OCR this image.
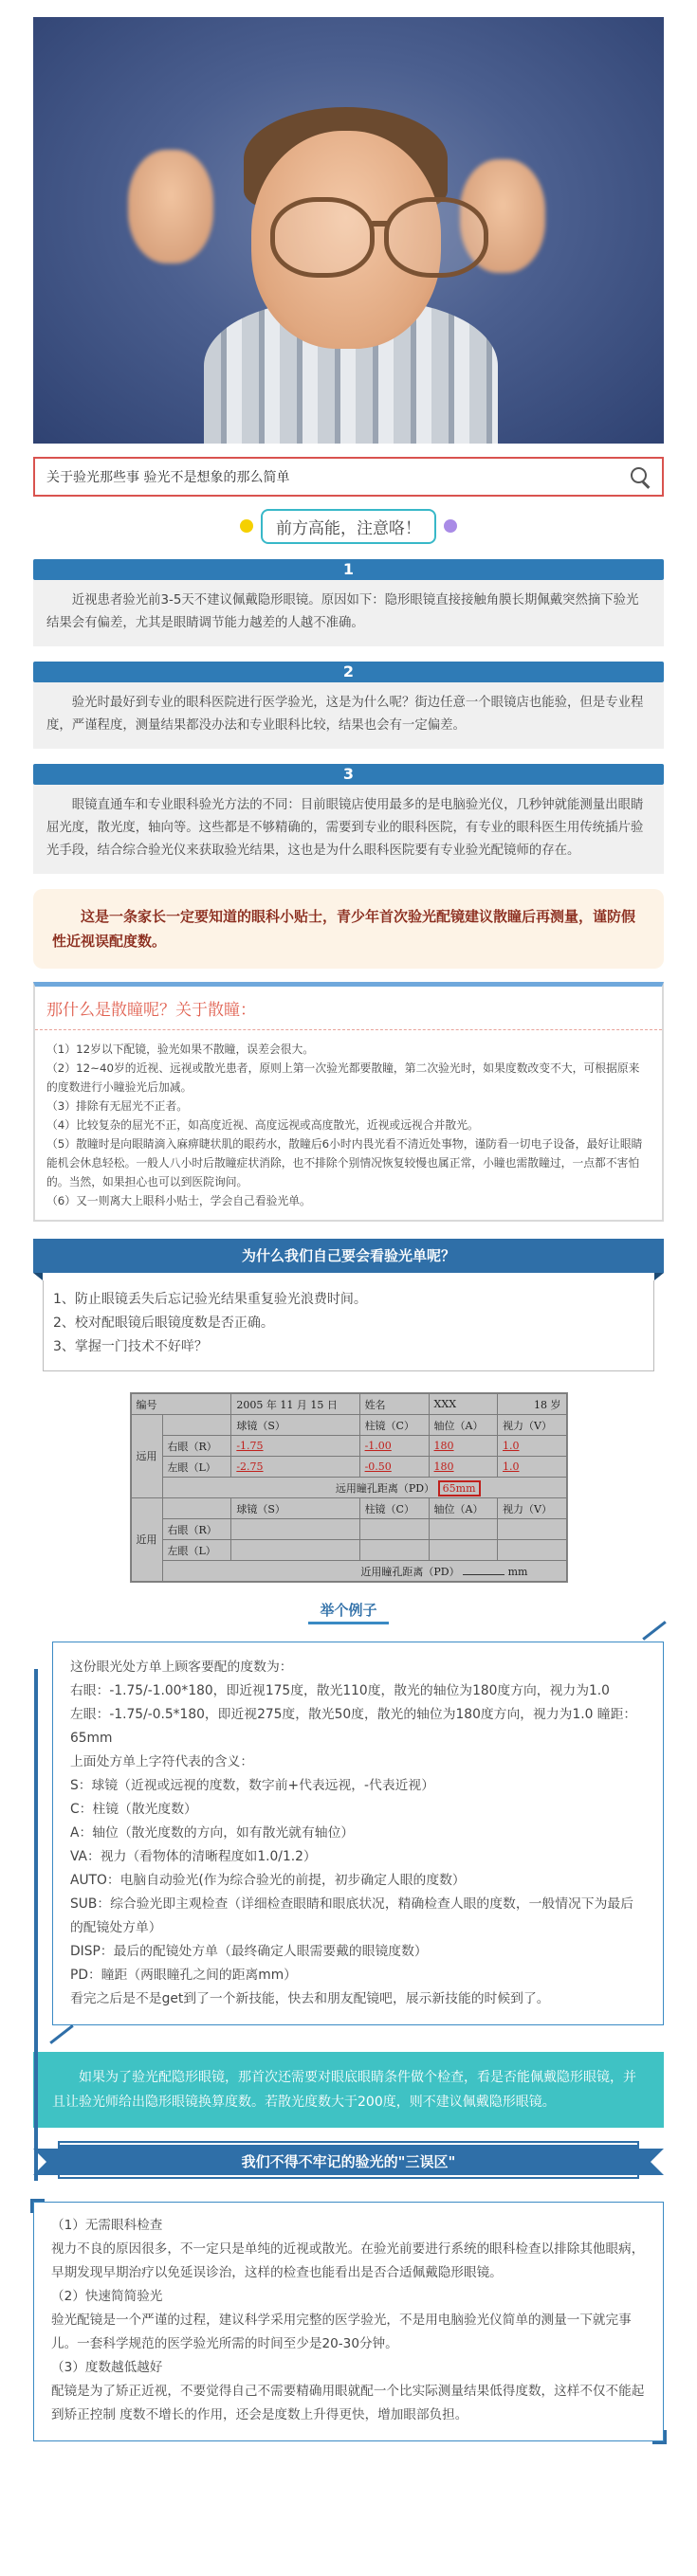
关于验光那些事 验光不是想象的那么简单
前方高能，注意咯！
1
近视患者验光前3-5天不建议佩戴隐形眼镜。原因如下：隐形眼镜直接接触角膜长期佩戴突然摘下验光结果会有偏差，尤其是眼睛调节能力越差的人越不准确。
2
验光时最好到专业的眼科医院进行医学验光，这是为什么呢？街边任意一个眼镜店也能验，但是专业程度，严谨程度，测量结果都没办法和专业眼科比较，结果也会有一定偏差。
3
眼镜直通车和专业眼科验光方法的不同：目前眼镜店使用最多的是电脑验光仪，几秒钟就能测量出眼睛屈光度，散光度，轴向等。这些都是不够精确的，需要到专业的眼科医院，有专业的眼科医生用传统插片验光手段，结合综合验光仪来获取验光结果，这也是为什么眼科医院要有专业验光配镜师的存在。
这是一条家长一定要知道的眼科小贴士，青少年首次验光配镜建议散瞳后再测量，谨防假性近视误配度数。
那什么是散瞳呢？关于散瞳：

（1）12岁以下配镜，验光如果不散瞳，误差会很大。

（2）12~40岁的近视、远视或散光患者，原则上第一次验光都要散瞳，第二次验光时，如果度数改变不大，可根据原来的度数进行小瞳验光后加减。

（3）排除有无屈光不正者。

（4）比较复杂的屈光不正，如高度近视、高度远视或高度散光，近视或远视合并散光。

（5）散瞳时是向眼睛滴入麻痹睫状肌的眼药水，散瞳后6小时内畏光看不清近处事物，谨防看一切电子设备，最好让眼睛能机会休息轻松。一般人八小时后散瞳症状消除，也不排除个别情况恢复较慢也属正常，小瞳也需散瞳过，一点都不害怕的。当然，如果担心也可以到医院询问。

（6）又一则离大上眼科小贴士，学会自己看验光单。

为什么我们自己要会看验光单呢？

1、防止眼镜丢失后忘记验光结果重复验光浪费时间。

2、校对配眼镜后眼镜度数是否正确。

3、掌握一门技术不好咩？

编号		2005 年 11 月 15 日	姓名	XXX	18 岁
远用		球镜（S）	柱镜（C）	轴位（A）	视力（V）
	右眼（R）	-1.75	-1.00	180	1.0
	左眼（L）	-2.75	-0.50	180	1.0
	远用瞳孔距离（PD） 65mm				
近用		球镜（S）	柱镜（C）	轴位（A）	视力（V）
	右眼（R）				
	左眼（L）				
	近用瞳孔距离（PD） mm				
举个例子

这份眼光处方单上顾客要配的度数为：

右眼：-1.75/-1.00*180，即近视175度，散光110度，散光的轴位为180度方向，视力为1.0

左眼：-1.75/-0.5*180，即近视275度，散光50度，散光的轴位为180度方向，视力为1.0 瞳距：65mm

上面处方单上字符代表的含义：

S：球镜（近视或远视的度数，数字前+代表远视，-代表近视）

C：柱镜（散光度数）

A：轴位（散光度数的方向，如有散光就有轴位）

VA：视力（看物体的清晰程度如1.0/1.2）

AUTO：电脑自动验光(作为综合验光的前提，初步确定人眼的度数）

SUB：综合验光即主观检查（详细检查眼睛和眼底状况，精确检查人眼的度数，一般情况下为最后的配镜处方单）

DISP：最后的配镜处方单（最终确定人眼需要戴的眼镜度数）

PD：瞳距（两眼瞳孔之间的距离mm）

看完之后是不是get到了一个新技能，快去和朋友配镜吧，展示新技能的时候到了。

如果为了验光配隐形眼镜，那首次还需要对眼底眼睛条件做个检查，看是否能佩戴隐形眼镜，并且让验光师给出隐形眼镜换算度数。若散光度数大于200度，则不建议佩戴隐形眼镜。
我们不得不牢记的验光的"三误区"

（1）无需眼科检查

视力不良的原因很多，不一定只是单纯的近视或散光。在验光前要进行系统的眼科检查以排除其他眼病，早期发现早期治疗以免延误诊治，这样的检查也能看出是否合适佩戴隐形眼镜。

（2）快速简简验光

验光配镜是一个严谨的过程，建议科学采用完整的医学验光，不是用电脑验光仪简单的测量一下就完事儿。一套科学规范的医学验光所需的时间至少是20-30分钟。

（3）度数越低越好

配镜是为了矫正近视，不要觉得自己不需要精确用眼就配一个比实际测量结果低得度数，这样不仅不能起到矫正控制 度数不增长的作用，还会是度数上升得更快，增加眼部负担。
